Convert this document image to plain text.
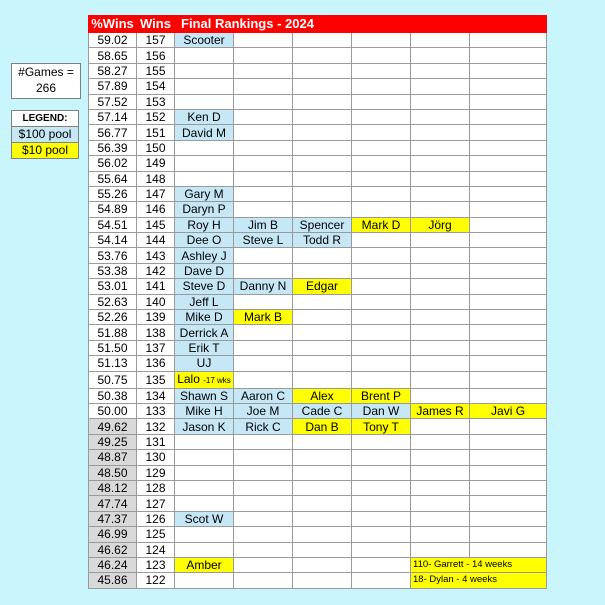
#Games =
266
LEGEND:
$100 pool
$10 pool
%Wins	Wins	Final Rankings - 2024					
59.02	157	Scooter					
58.65	156						
58.27	155						
57.89	154						
57.52	153						
57.14	152	Ken D					
56.77	151	David M					
56.39	150						
56.02	149						
55.64	148						
55.26	147	Gary M					
54.89	146	Daryn P					
54.51	145	Roy H	Jim B	Spencer	Mark D	Jörg	
54.14	144	Dee O	Steve L	Todd R			
53.76	143	Ashley J					
53.38	142	Dave D					
53.01	141	Steve D	Danny N	Edgar			
52.63	140	Jeff L					
52.26	139	Mike D	Mark B				
51.88	138	Derrick A					
51.50	137	Erik T					
51.13	136	UJ					
50.75	135	Lalo -17 wks					
50.38	134	Shawn S	Aaron C	Alex	Brent P		
50.00	133	Mike H	Joe M	Cade C	Dan W	James R	Javi G
49.62	132	Jason K	Rick C	Dan B	Tony T		
49.25	131						
48.87	130						
48.50	129						
48.12	128						
47.74	127						
47.37	126	Scot W					
46.99	125						
46.62	124						
46.24	123	Amber				110- Garrett - 14 weeks	
45.86	122					18- Dylan - 4 weeks	
